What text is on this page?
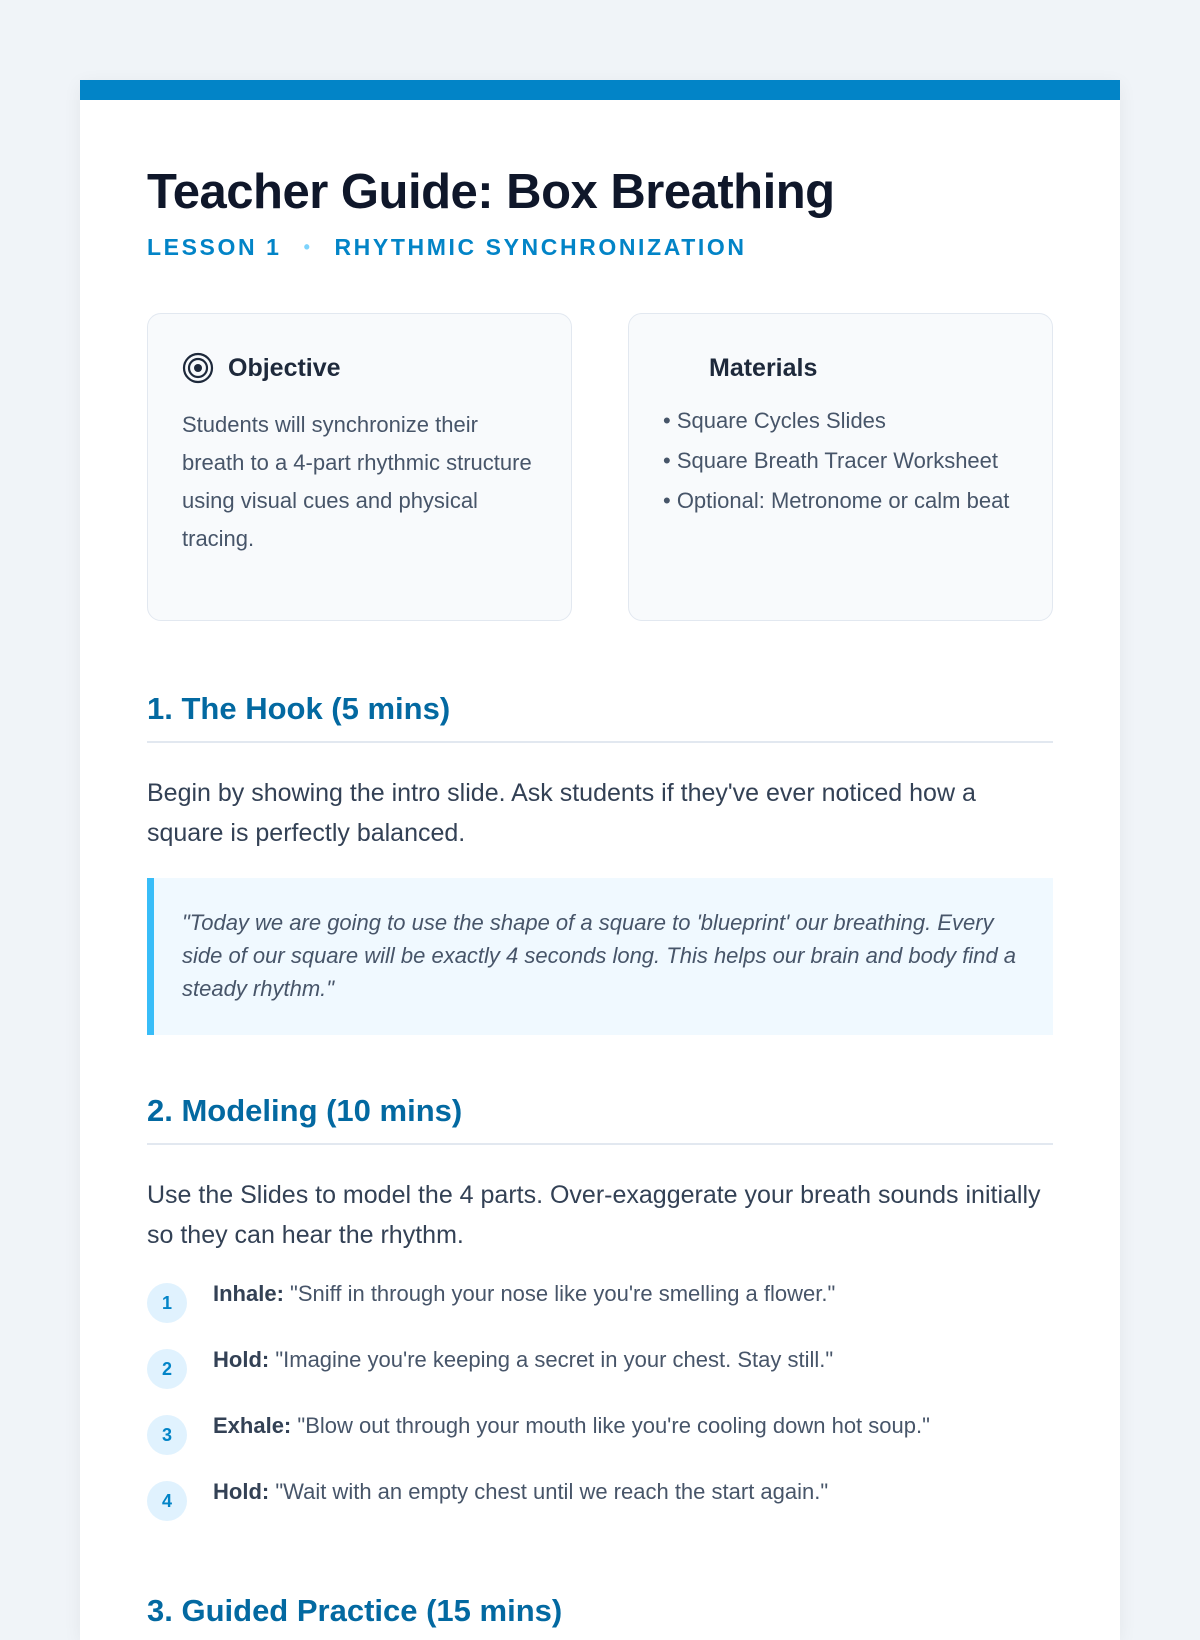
Teacher Guide: Box Breathing
LESSON 1 • RHYTHMIC SYNCHRONIZATION
Objective
Students will synchronize their breath to a 4-part rhythmic structure using visual cues and physical tracing.
Materials
• Square Cycles Slides
• Square Breath Tracer Worksheet
• Optional: Metronome or calm beat
1. The Hook (5 mins)
Begin by showing the intro slide. Ask students if they've ever noticed how a square is perfectly balanced.
"Today we are going to use the shape of a square to 'blueprint' our breathing. Every side of our square will be exactly 4 seconds long. This helps our brain and body find a steady rhythm."
2. Modeling (10 mins)
Use the Slides to model the 4 parts. Over-exaggerate your breath sounds initially so they can hear the rhythm.
1	Inhale: "Sniff in through your nose like you're smelling a flower."
2	Hold: "Imagine you're keeping a secret in your chest. Stay still."
3	Exhale: "Blow out through your mouth like you're cooling down hot soup."
4	Hold: "Wait with an empty chest until we reach the start again."
3. Guided Practice (15 mins)
